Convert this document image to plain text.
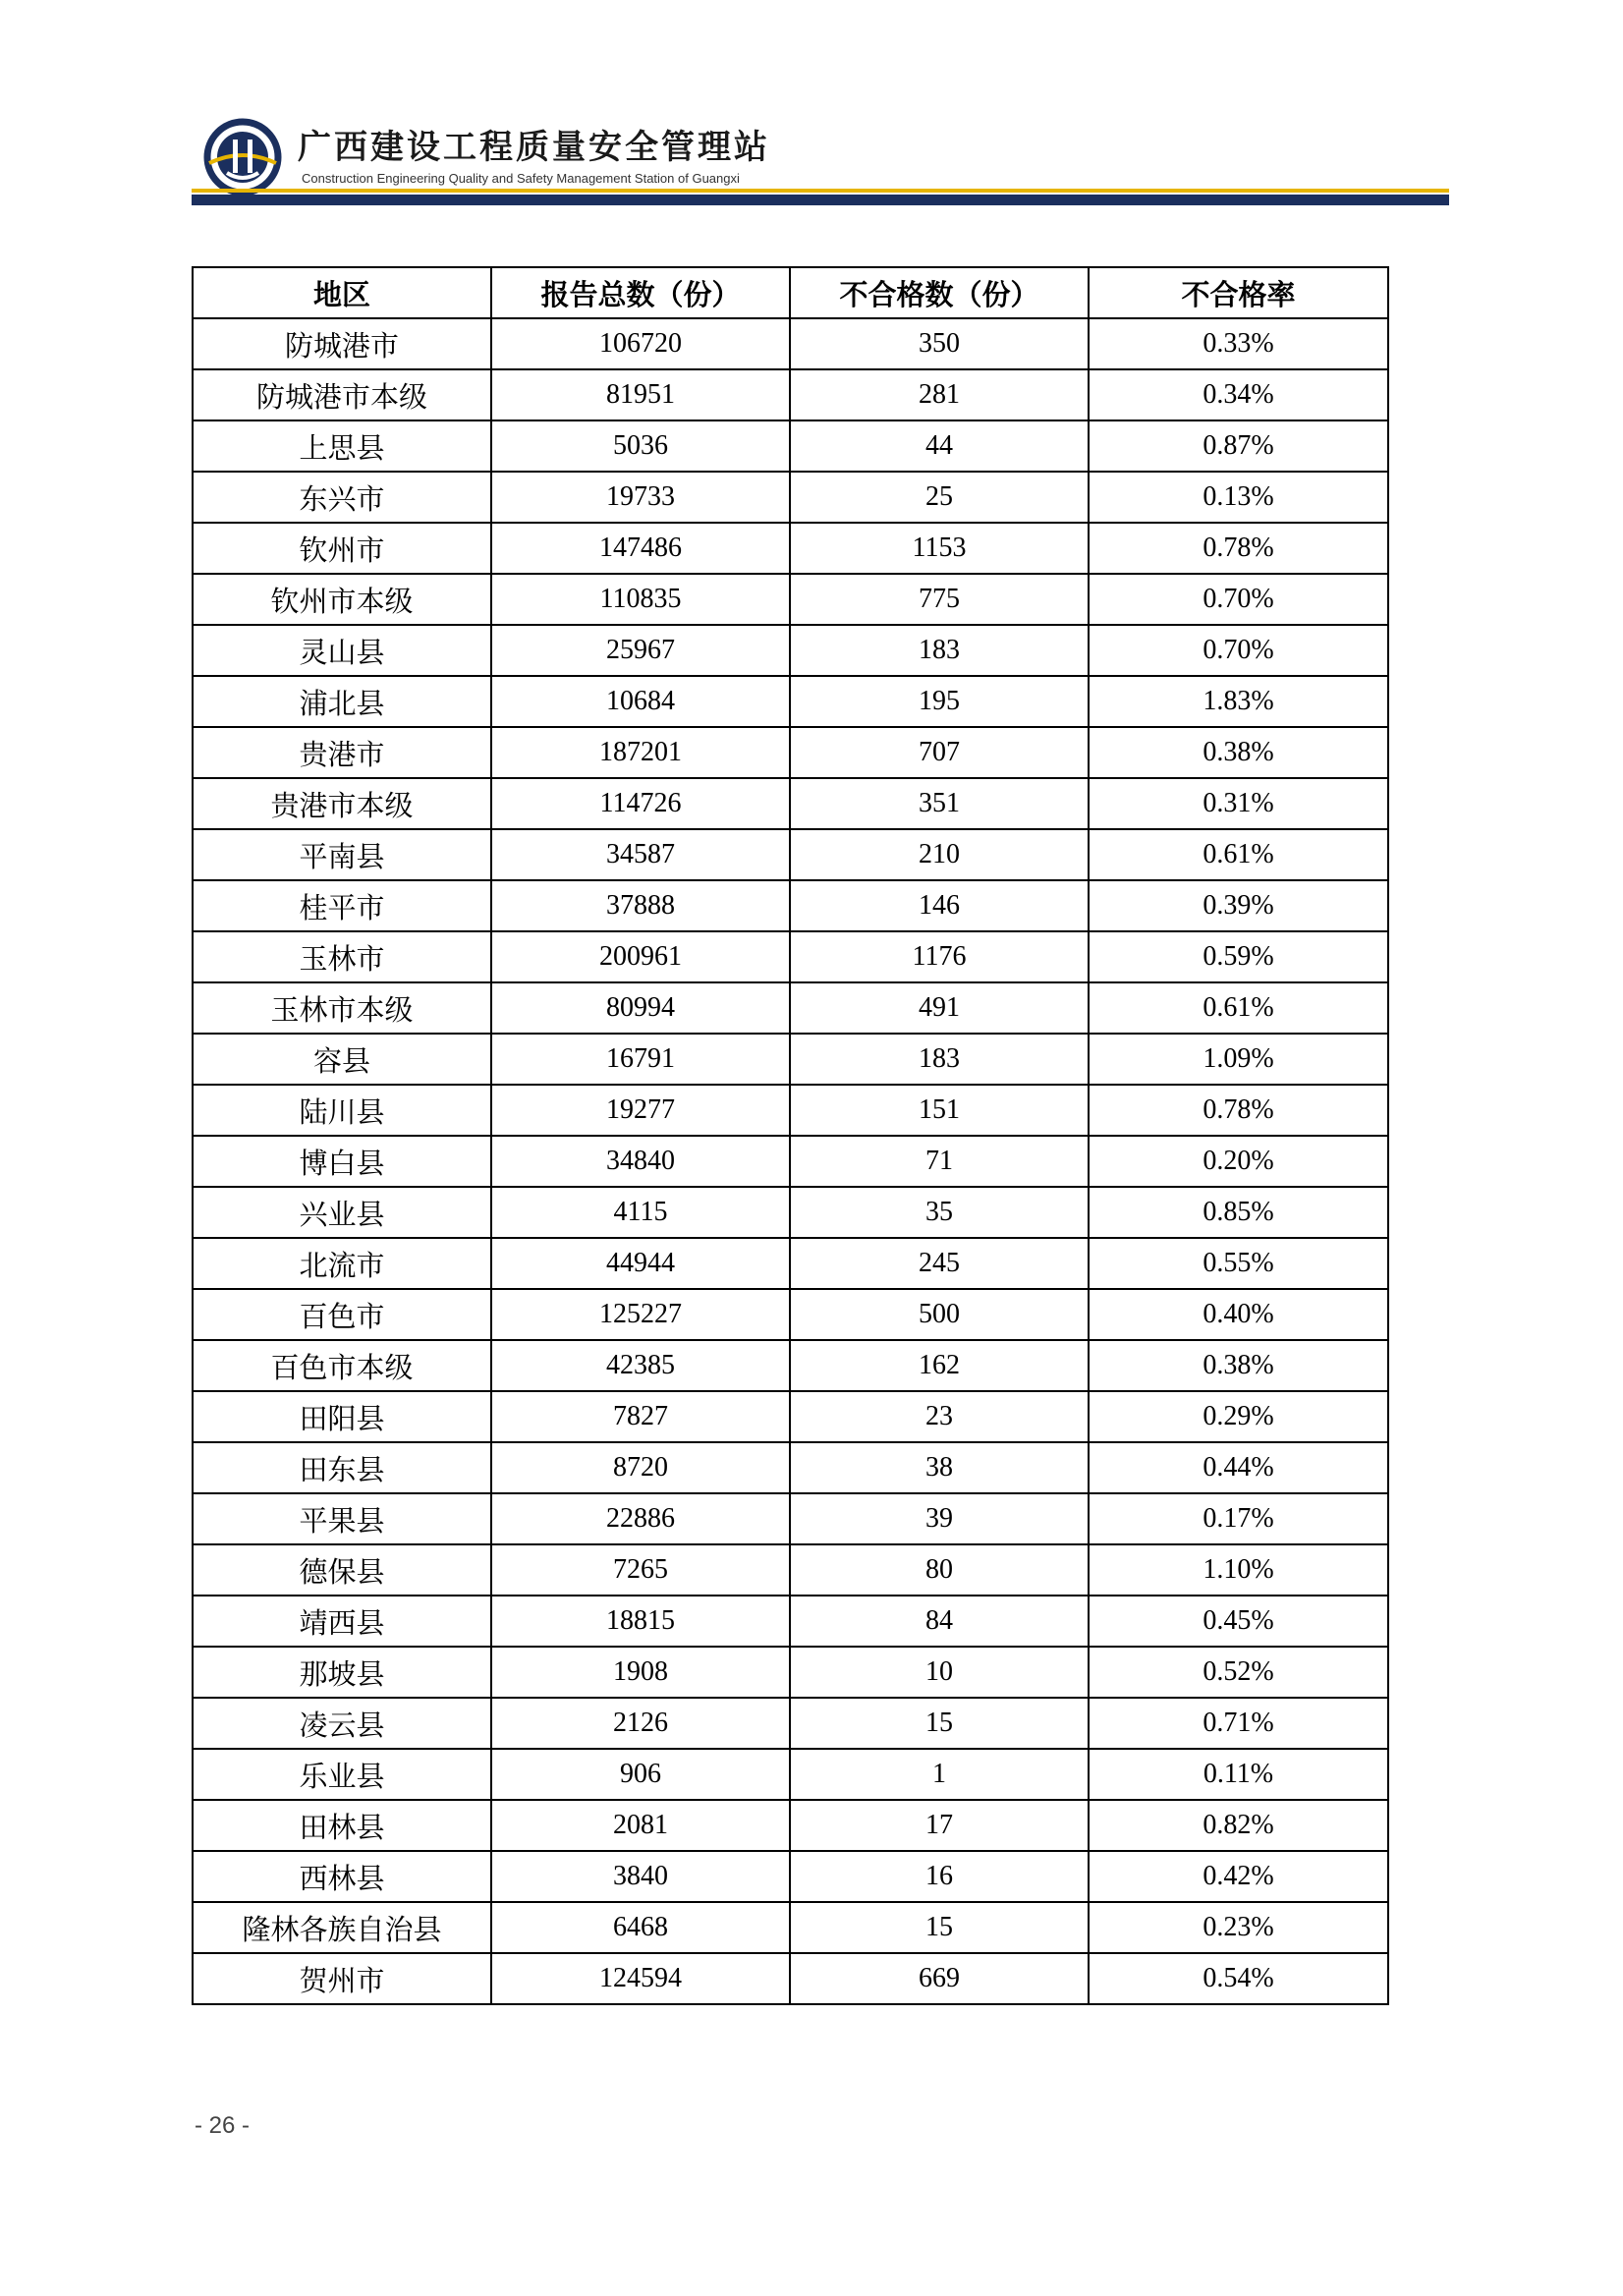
广西建设工程质量安全管理站
Construction Engineering Quality and Safety Management Station of Guangxi
地区	报告总数（份）	不合格数（份）	不合格率
防城港市	106720	350	0.33%
防城港市本级	81951	281	0.34%
上思县	5036	44	0.87%
东兴市	19733	25	0.13%
钦州市	147486	1153	0.78%
钦州市本级	110835	775	0.70%
灵山县	25967	183	0.70%
浦北县	10684	195	1.83%
贵港市	187201	707	0.38%
贵港市本级	114726	351	0.31%
平南县	34587	210	0.61%
桂平市	37888	146	0.39%
玉林市	200961	1176	0.59%
玉林市本级	80994	491	0.61%
容县	16791	183	1.09%
陆川县	19277	151	0.78%
博白县	34840	71	0.20%
兴业县	4115	35	0.85%
北流市	44944	245	0.55%
百色市	125227	500	0.40%
百色市本级	42385	162	0.38%
田阳县	7827	23	0.29%
田东县	8720	38	0.44%
平果县	22886	39	0.17%
德保县	7265	80	1.10%
靖西县	18815	84	0.45%
那坡县	1908	10	0.52%
凌云县	2126	15	0.71%
乐业县	906	1	0.11%
田林县	2081	17	0.82%
西林县	3840	16	0.42%
隆林各族自治县	6468	15	0.23%
贺州市	124594	669	0.54%
- 26 -
